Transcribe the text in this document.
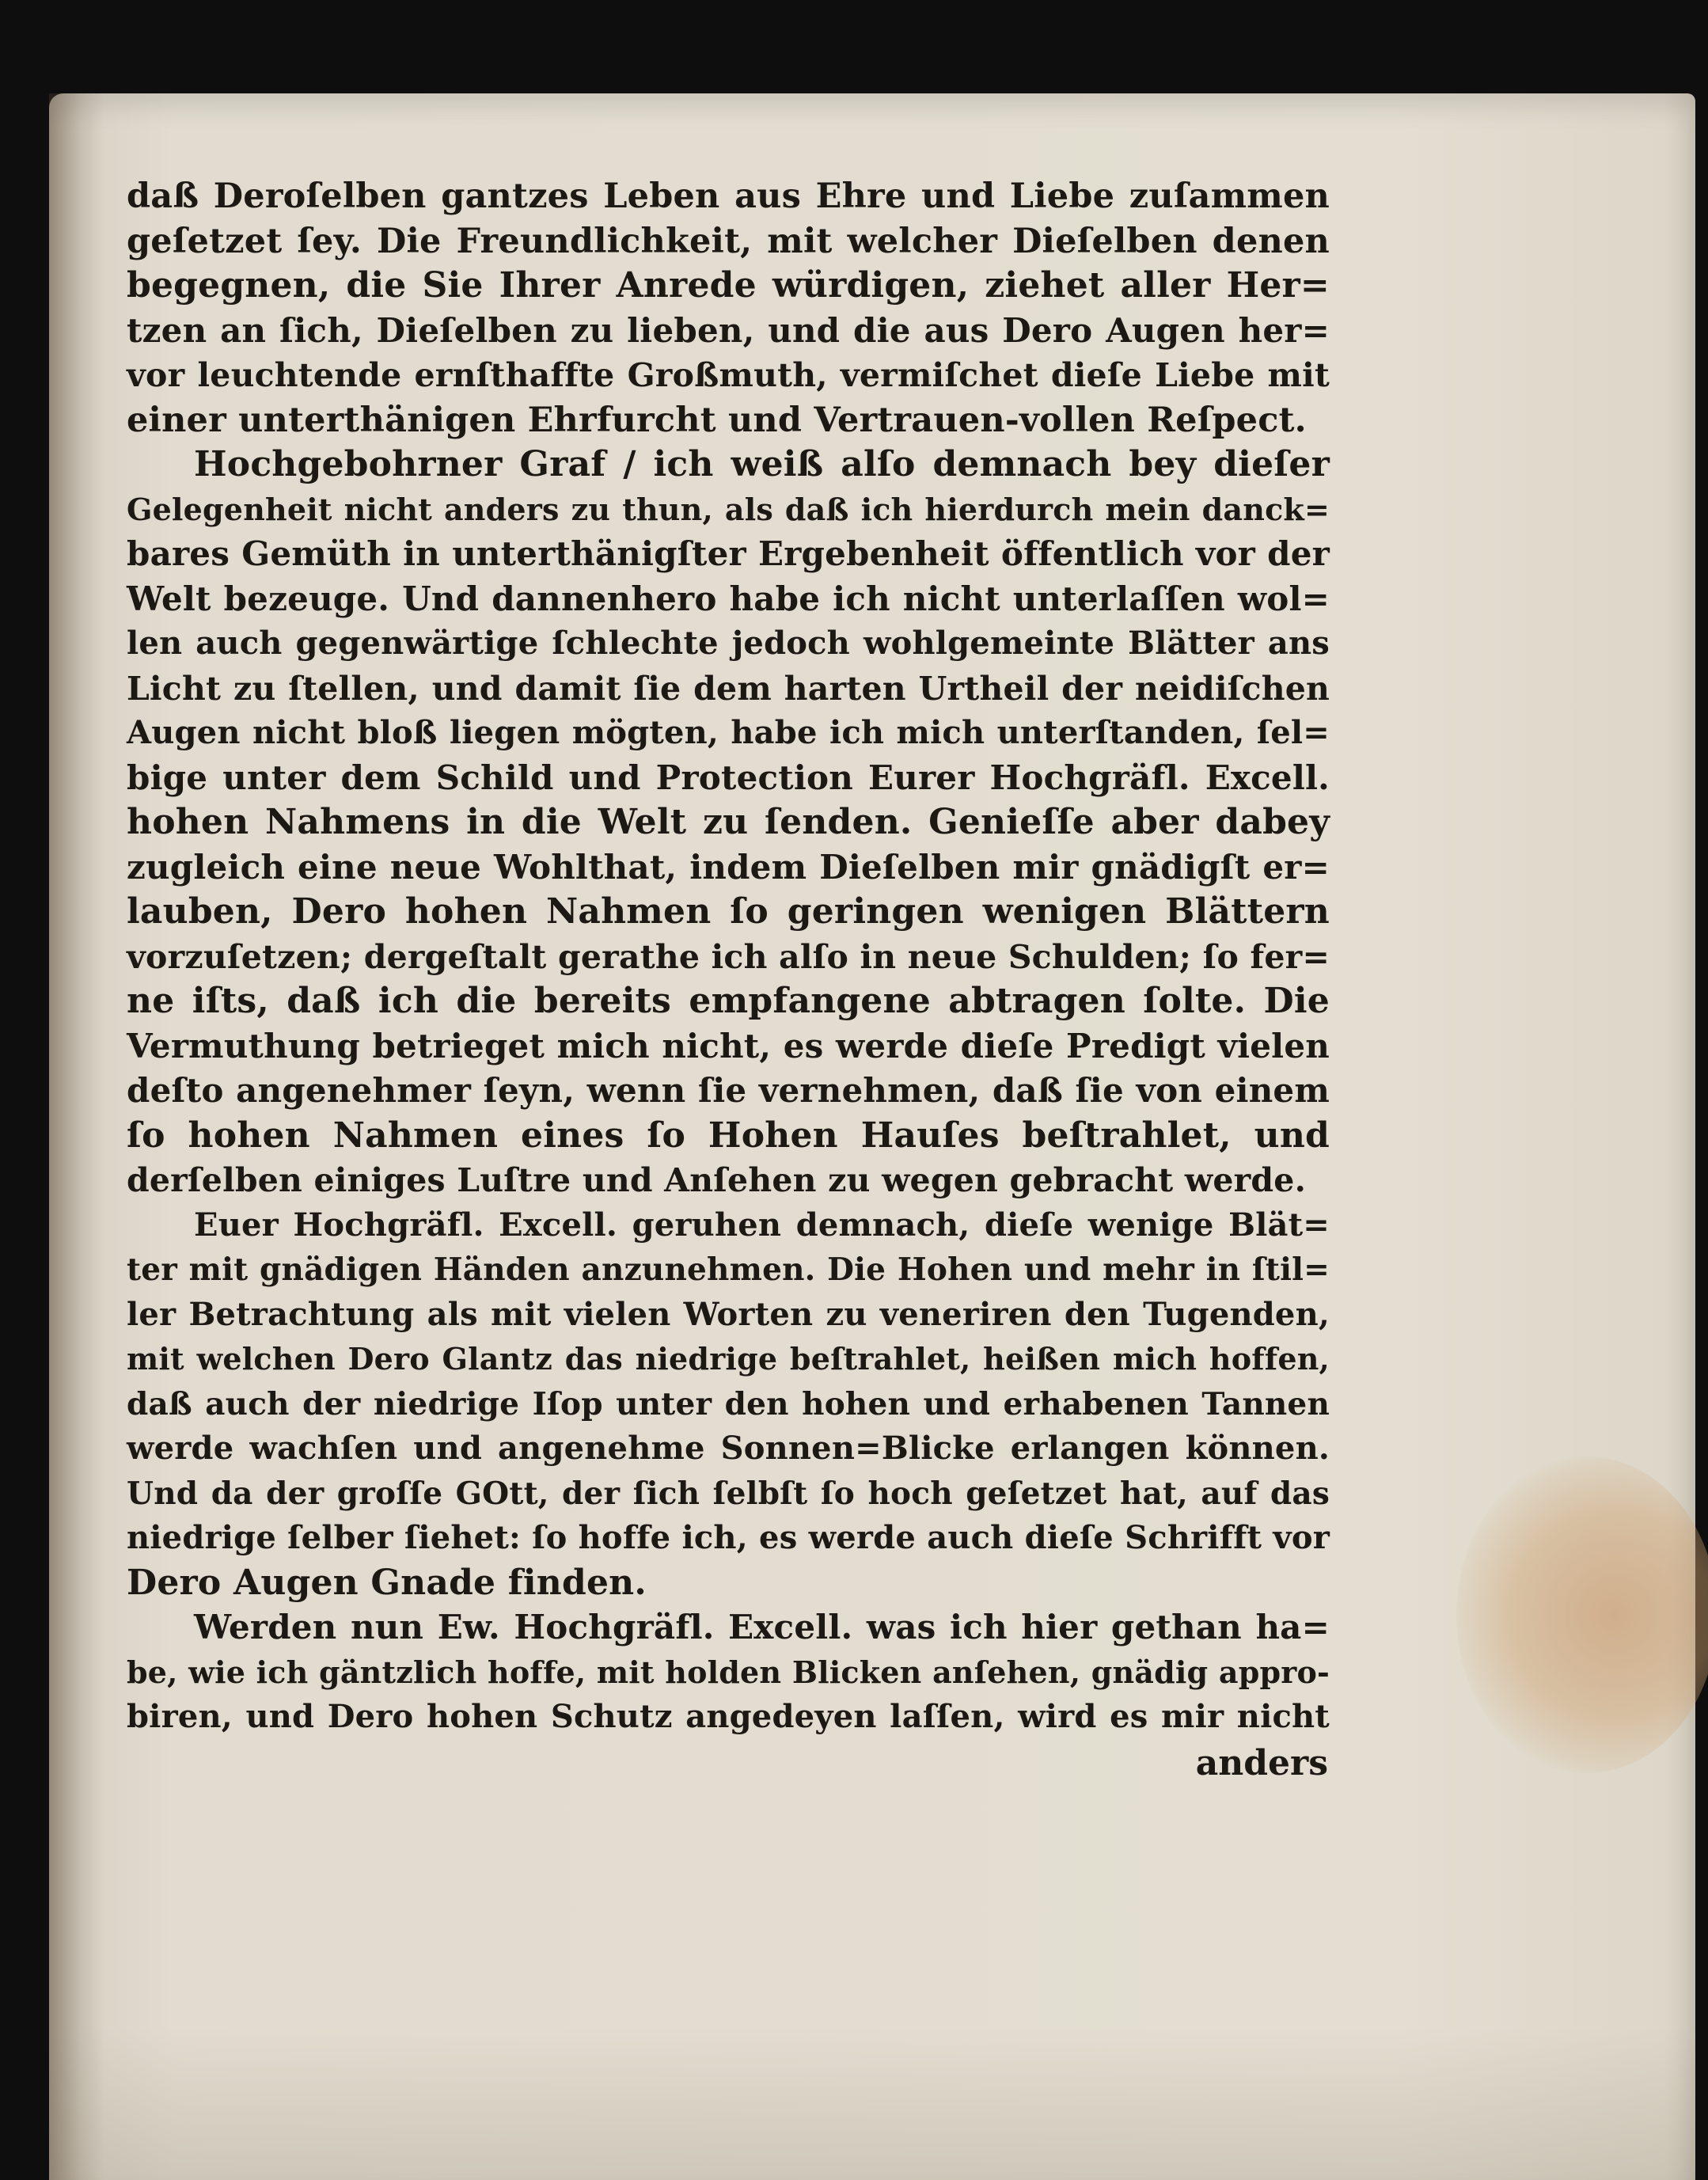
daß Deroſelben gantzes Leben aus Ehre und Liebe zuſammen
geſetzet ſey. Die Freundlichkeit, mit welcher Dieſelben denen
begegnen, die Sie Ihrer Anrede würdigen, ziehet aller Her=
tzen an ſich, Dieſelben zu lieben, und die aus Dero Augen her=
vor leuchtende ernſthaffte Großmuth, vermiſchet dieſe Liebe mit
einer unterthänigen Ehrfurcht und Vertrauen-vollen Reſpect.
Hochgebohrner Graf / ich weiß alſo demnach bey dieſer
Gelegenheit nicht anders zu thun, als daß ich hierdurch mein danck=
bares Gemüth in unterthänigſter Ergebenheit öffentlich vor der
Welt bezeuge. Und dannenhero habe ich nicht unterlaſſen wol=
len auch gegenwärtige ſchlechte jedoch wohlgemeinte Blätter ans
Licht zu ſtellen, und damit ſie dem harten Urtheil der neidiſchen
Augen nicht bloß liegen mögten, habe ich mich unterſtanden, ſel=
bige unter dem Schild und Protection Eurer Hochgräfl. Excell.
hohen Nahmens in die Welt zu ſenden. Genieſſe aber dabey
zugleich eine neue Wohlthat, indem Dieſelben mir gnädigſt er=
lauben, Dero hohen Nahmen ſo geringen wenigen Blättern
vorzuſetzen; dergeſtalt gerathe ich alſo in neue Schulden; ſo fer=
ne iſts, daß ich die bereits empfangene abtragen ſolte. Die
Vermuthung betrieget mich nicht, es werde dieſe Predigt vielen
deſto angenehmer ſeyn, wenn ſie vernehmen, daß ſie von einem
ſo hohen Nahmen eines ſo Hohen Hauſes beſtrahlet, und
derſelben einiges Luſtre und Anſehen zu wegen gebracht werde.
Euer Hochgräfl. Excell. geruhen demnach, dieſe wenige Blät=
ter mit gnädigen Händen anzunehmen. Die Hohen und mehr in ſtil=
ler Betrachtung als mit vielen Worten zu veneriren den Tugenden,
mit welchen Dero Glantz das niedrige beſtrahlet, heißen mich hoffen,
daß auch der niedrige Iſop unter den hohen und erhabenen Tannen
werde wachſen und angenehme Sonnen=Blicke erlangen können.
Und da der groſſe GOtt, der ſich ſelbſt ſo hoch geſetzet hat, auf das
niedrige ſelber ſiehet: ſo hoffe ich, es werde auch dieſe Schrifft vor
Dero Augen Gnade finden.
Werden nun Ew. Hochgräfl. Excell. was ich hier gethan ha=
be, wie ich gäntzlich hoffe, mit holden Blicken anſehen, gnädig appro-
biren, und Dero hohen Schutz angedeyen laſſen, wird es mir nicht
anders
